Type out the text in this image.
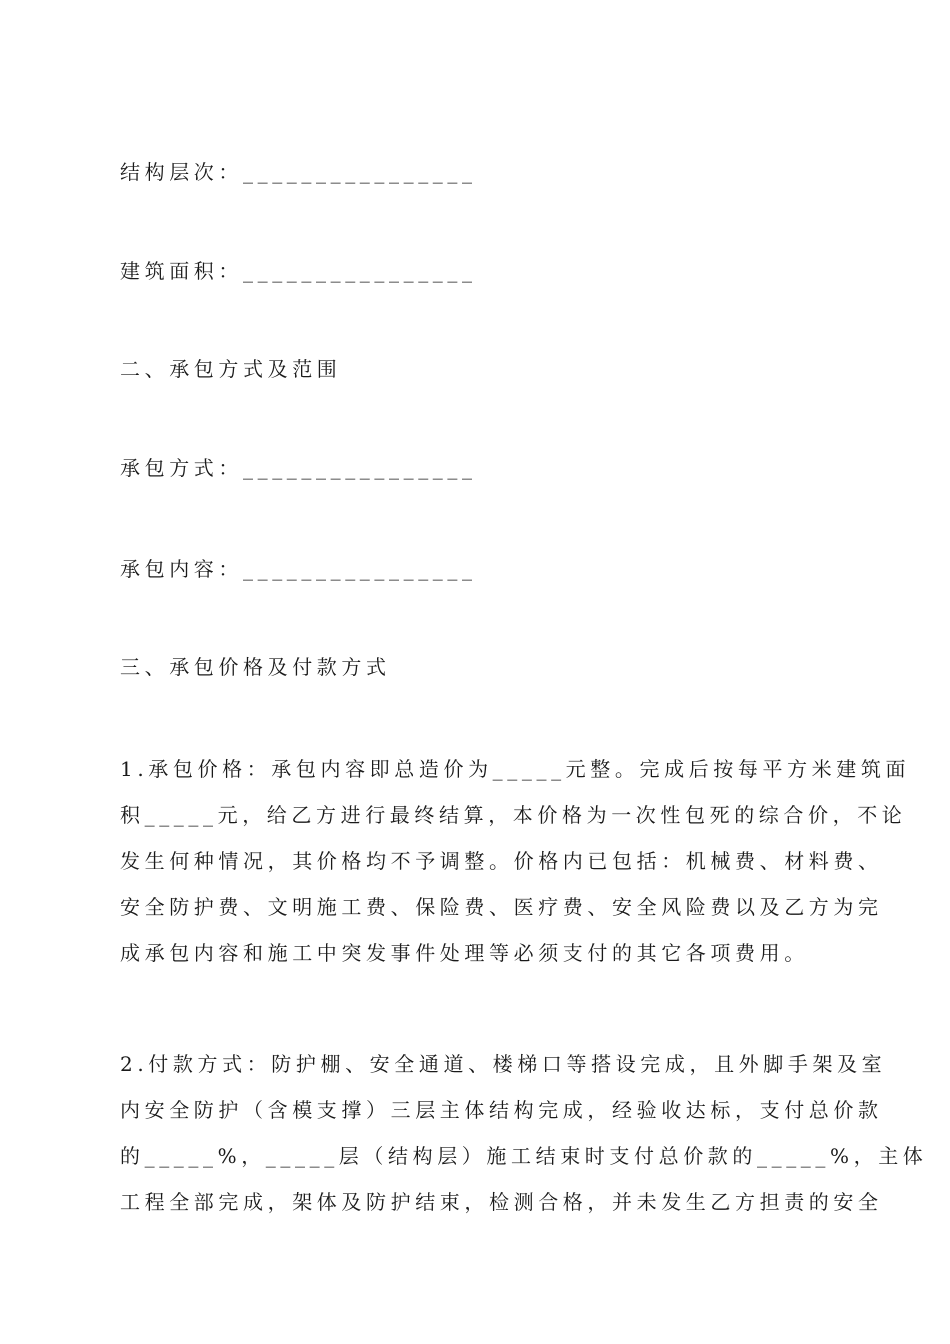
结构层次：________________
建筑面积：________________
二、承包方式及范围
承包方式：________________
承包内容：________________
三、承包价格及付款方式
1.承包价格：承包内容即总造价为_____元整。完成后按每平方米建筑面
积_____元，给乙方进行最终结算，本价格为一次性包死的综合价，不论
发生何种情况，其价格均不予调整。价格内已包括：机械费、材料费、
安全防护费、文明施工费、保险费、医疗费、安全风险费以及乙方为完
成承包内容和施工中突发事件处理等必须支付的其它各项费用。
2.付款方式：防护棚、安全通道、楼梯口等搭设完成，且外脚手架及室
内安全防护（含模支撑）三层主体结构完成，经验收达标，支付总价款
的_____%，_____层（结构层）施工结束时支付总价款的_____%，主体
工程全部完成，架体及防护结束，检测合格，并未发生乙方担责的安全
